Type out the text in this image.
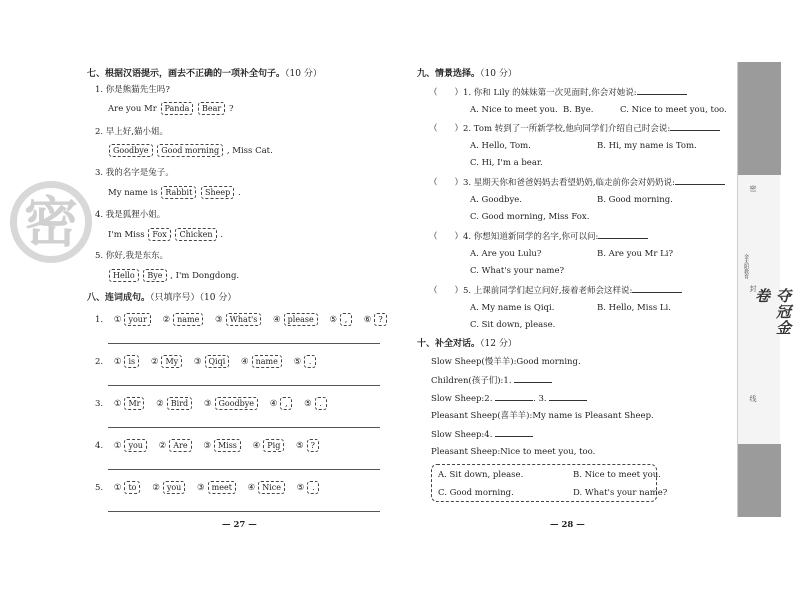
密
七、根据汉语提示，画去不正确的一项补全句子。（10 分）
1. 你是熊猫先生吗?
Are you Mr Panda Bear ?
2. 早上好,猫小姐。
Goodbye Good morning , Miss Cat.
3. 我的名字是兔子。
My name is Rabbit Sheep .
4. 我是狐狸小姐。
I'm Miss Fox Chicken .
5. 你好,我是东东。
Hello Bye , I'm Dongdong.
八、连词成句。（只填序号）（10 分）
1. ① your ② name ③ What's ④ please ⑤ , ⑥ ?
2. ① is ② My ③ Qiqi ④ name ⑤ .
3. ① Mr ② Bird ③ Goodbye ④ , ⑤ .
4. ① you ② Are ③ Miss ④ Pig ⑤ ?
5. ① to ② you ③ meet ④ Nice ⑤ .
— 27 —
九、情景选择。（10 分）
（　　）1. 你和 Lily 的妹妹第一次见面时,你会对她说:
A. Nice to meet you. B. Bye.	C. Nice to meet you, too.
（　　）2. Tom 转到了一所新学校,他向同学们介绍自己时会说:
A. Hello, Tom.	B. Hi, my name is Tom.
C. Hi, I'm a bear.
（　　）3. 星期天你和爸爸妈妈去看望奶奶,临走前你会对奶奶说:
A. Goodbye.	B. Good morning.
C. Good morning, Miss Fox.
（　　）4. 你想知道新同学的名字,你可以问:
A. Are you Lulu?	B. Are you Mr Li?
C. What's your name?
（　　）5. 上课前同学们起立问好,接着老师会这样说:
A. My name is Qiqi.	B. Hello, Miss Li.
C. Sit down, please.
十、补全对话。（12 分）
Slow Sheep(慢羊羊):Good morning.
Children(孩子们):1.
Slow Sheep:2.	. 3.
Pleasant Sheep(喜羊羊):My name is Pleasant Sheep.
Slow Sheep:4.
Pleasant Sheep:Nice to meet you, too.
A. Sit down, please.	B. Nice to meet you.
C. Good morning.	D. What's your name?
— 28 —
密
封
线
金太阳教育
夺冠金卷
